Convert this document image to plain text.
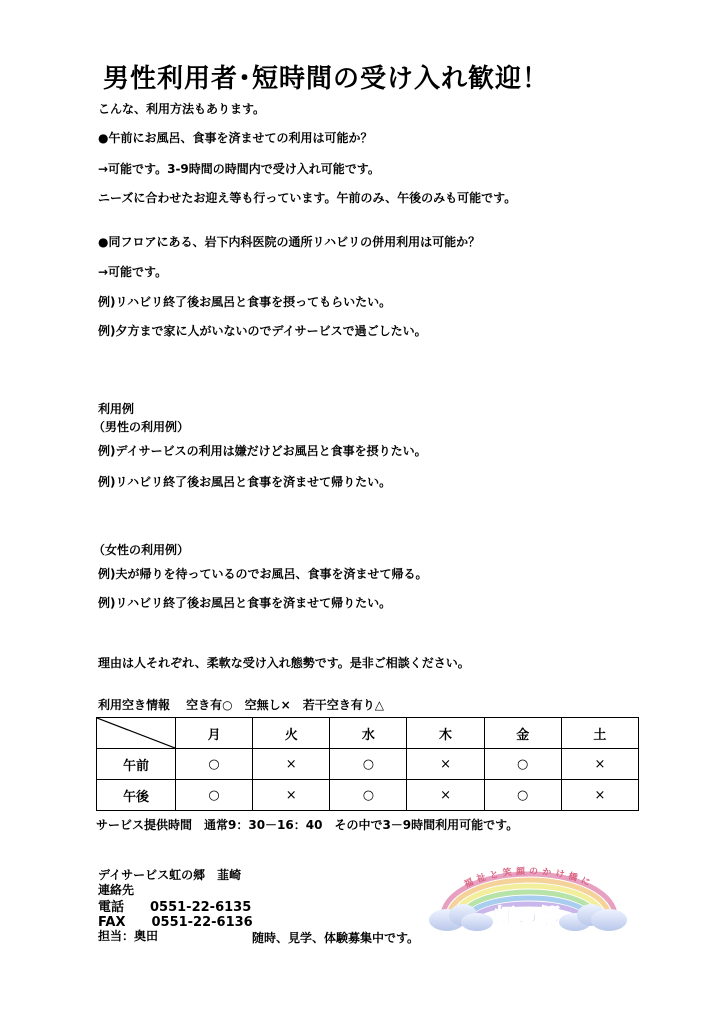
男性利用者･短時間の受け入れ歓迎！
こんな、利用方法もあります。
●午前にお風呂、食事を済ませての利用は可能か？
→可能です。3-9時間の時間内で受け入れ可能です。
ニーズに合わせたお迎え等も行っています。午前のみ、午後のみも可能です。
●同フロアにある、岩下内科医院の通所リハビリの併用利用は可能か？
→可能です。
例)リハビリ終了後お風呂と食事を摂ってもらいたい。
例)夕方まで家に人がいないのでデイサービスで過ごしたい。
利用例
（男性の利用例）
例)デイサービスの利用は嫌だけどお風呂と食事を摂りたい。
例)リハビリ終了後お風呂と食事を済ませて帰りたい。
（女性の利用例）
例)夫が帰りを待っているのでお風呂、食事を済ませて帰る。
例)リハビリ終了後お風呂と食事を済ませて帰りたい。
理由は人それぞれ、柔軟な受け入れ態勢です。是非ご相談ください。
利用空き情報　 空き有○　空無し×　若干空き有り△
	月	火	水	木	金	土
午前	○	×	○	×	○	×
午後	○	×	○	×	○	×
サービス提供時間　通常9：30－16：40　その中で3－9時間利用可能です。
デイサービス虹の郷　韮崎
連絡先
電話　　0551-22-6135
FAX　　0551-22-6136
担当：奥田	随時、見学、体験募集中です。
福祉と笑顔のかけ橋に
虹の郷
